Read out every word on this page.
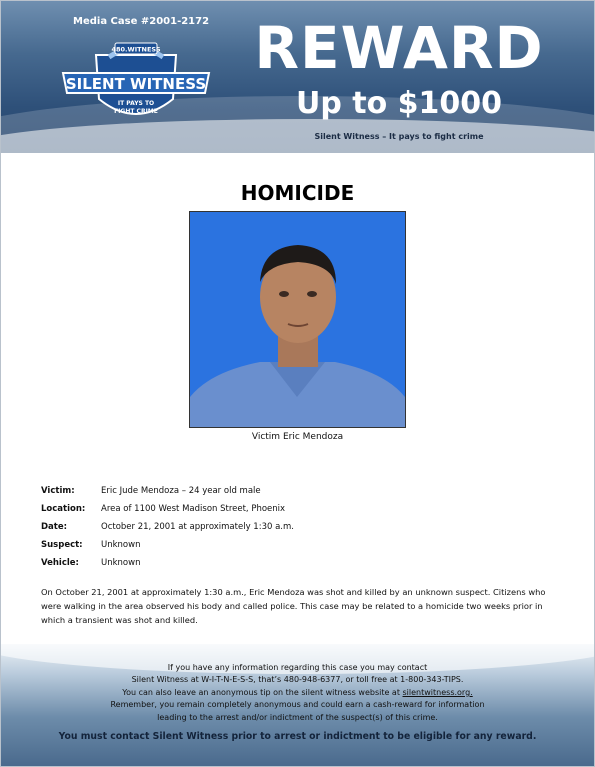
Media Case #2001-2172
480.WITNESS
SILENT WITNESS
IT PAYS TO
FIGHT CRIME
REWARD
Up to $1000
Silent Witness – It pays to fight crime
HOMICIDE
Victim Eric Mendoza
Victim:	Eric Jude Mendoza – 24 year old male
Location:	Area of 1100 West Madison Street, Phoenix
Date:	October 21, 2001 at approximately 1:30 a.m.
Suspect:	Unknown
Vehicle:	Unknown
On October 21, 2001 at approximately 1:30 a.m., Eric Mendoza was shot and killed by an unknown suspect. Citizens who were walking in the area observed his body and called police. This case may be related to a homicide two weeks prior in which a transient was shot and killed.
If you have any information regarding this case you may contact
Silent Witness at W-I-T-N-E-S-S, that’s 480-948-6377, or toll free at 1-800-343-TIPS.
You can also leave an anonymous tip on the silent witness website at silentwitness.org.
Remember, you remain completely anonymous and could earn a cash-reward for information
leading to the arrest and/or indictment of the suspect(s) of this crime.
You must contact Silent Witness prior to arrest or indictment to be eligible for any reward.
